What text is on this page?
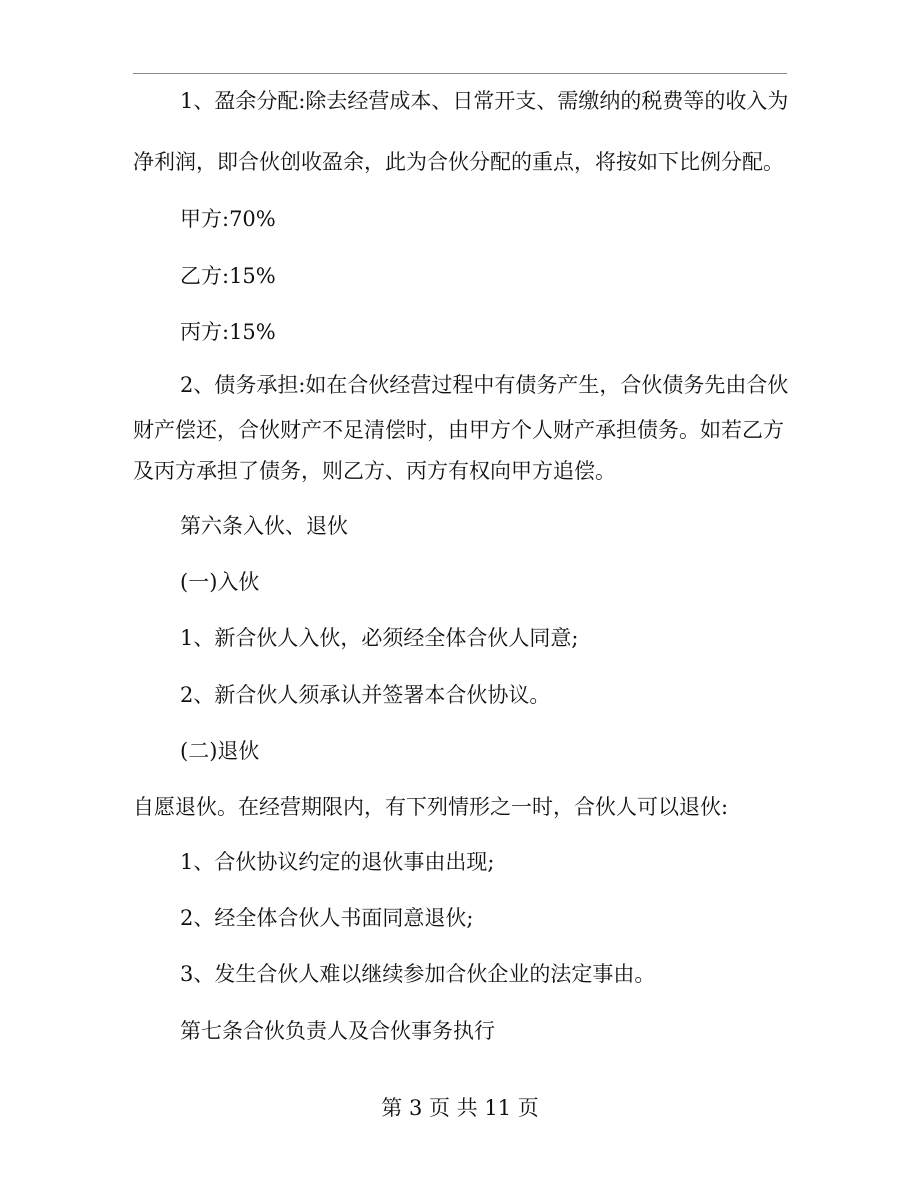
1、盈余分配:除去经营成本、日常开支、需缴纳的税费等的收入为
净利润，即合伙创收盈余，此为合伙分配的重点，将按如下比例分配。
甲方:70%
乙方:15%
丙方:15%
2、债务承担:如在合伙经营过程中有债务产生，合伙债务先由合伙
财产偿还，合伙财产不足清偿时，由甲方个人财产承担债务。如若乙方
及丙方承担了债务，则乙方、丙方有权向甲方追偿。
第六条入伙、退伙
(一)入伙
1、新合伙人入伙，必须经全体合伙人同意;
2、新合伙人须承认并签署本合伙协议。
(二)退伙
自愿退伙。在经营期限内，有下列情形之一时，合伙人可以退伙:
1、合伙协议约定的退伙事由出现;
2、经全体合伙人书面同意退伙;
3、发生合伙人难以继续参加合伙企业的法定事由。
第七条合伙负责人及合伙事务执行
第 3 页 共 11 页
